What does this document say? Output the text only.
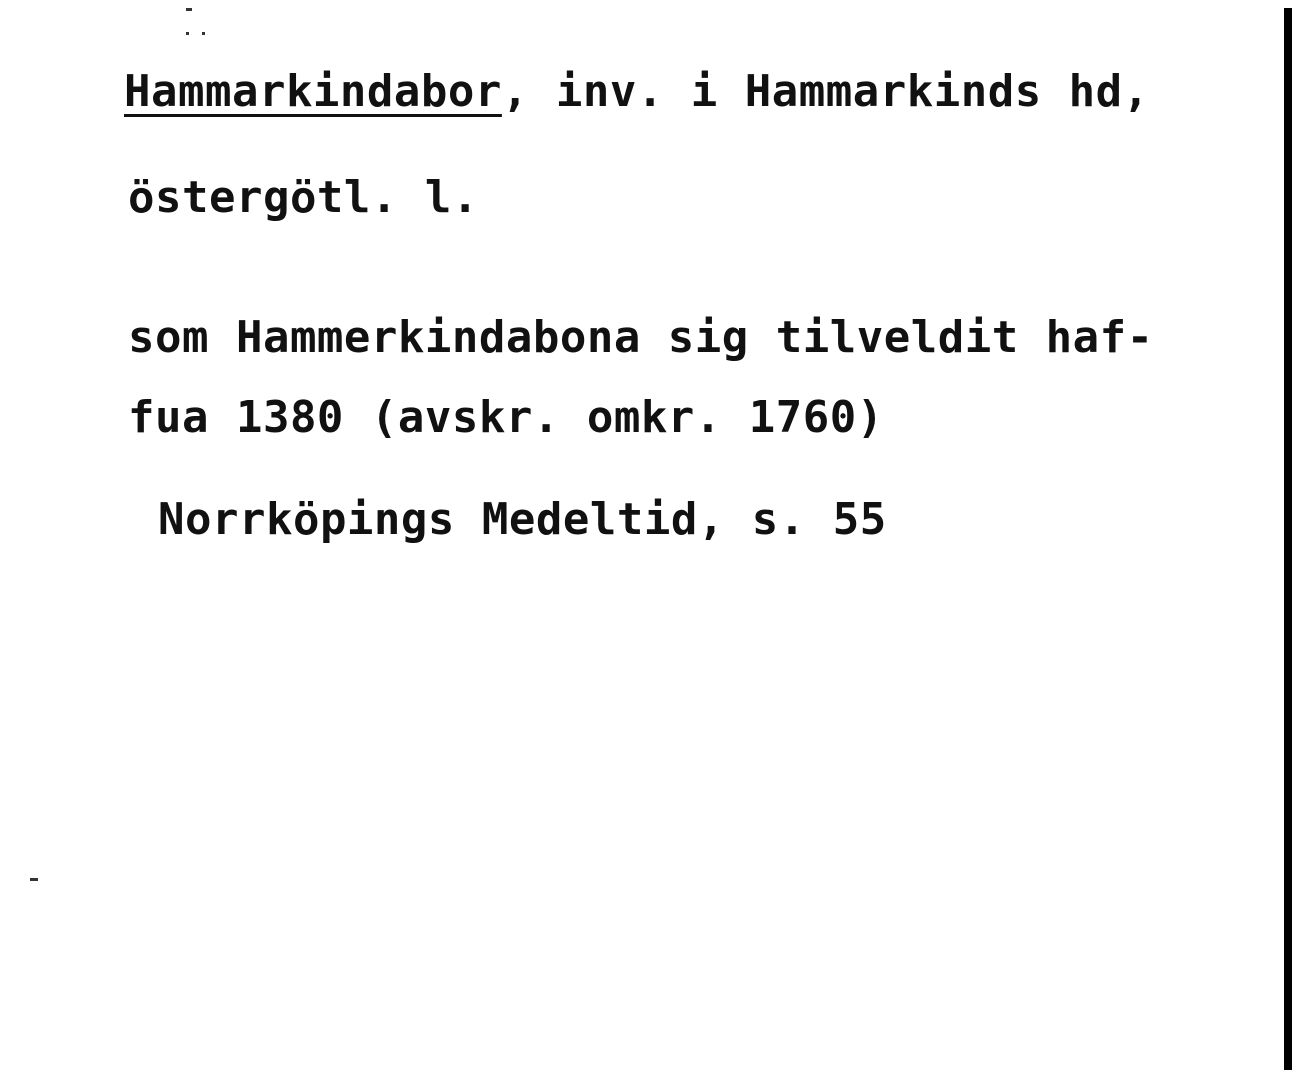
Hammarkindabor, inv. i Hammarkinds hd,
östergötl. l.
som Hammerkindabona sig tilveldit haf-
fua 1380 (avskr. omkr. 1760)
Norrköpings Medeltid, s. 55
